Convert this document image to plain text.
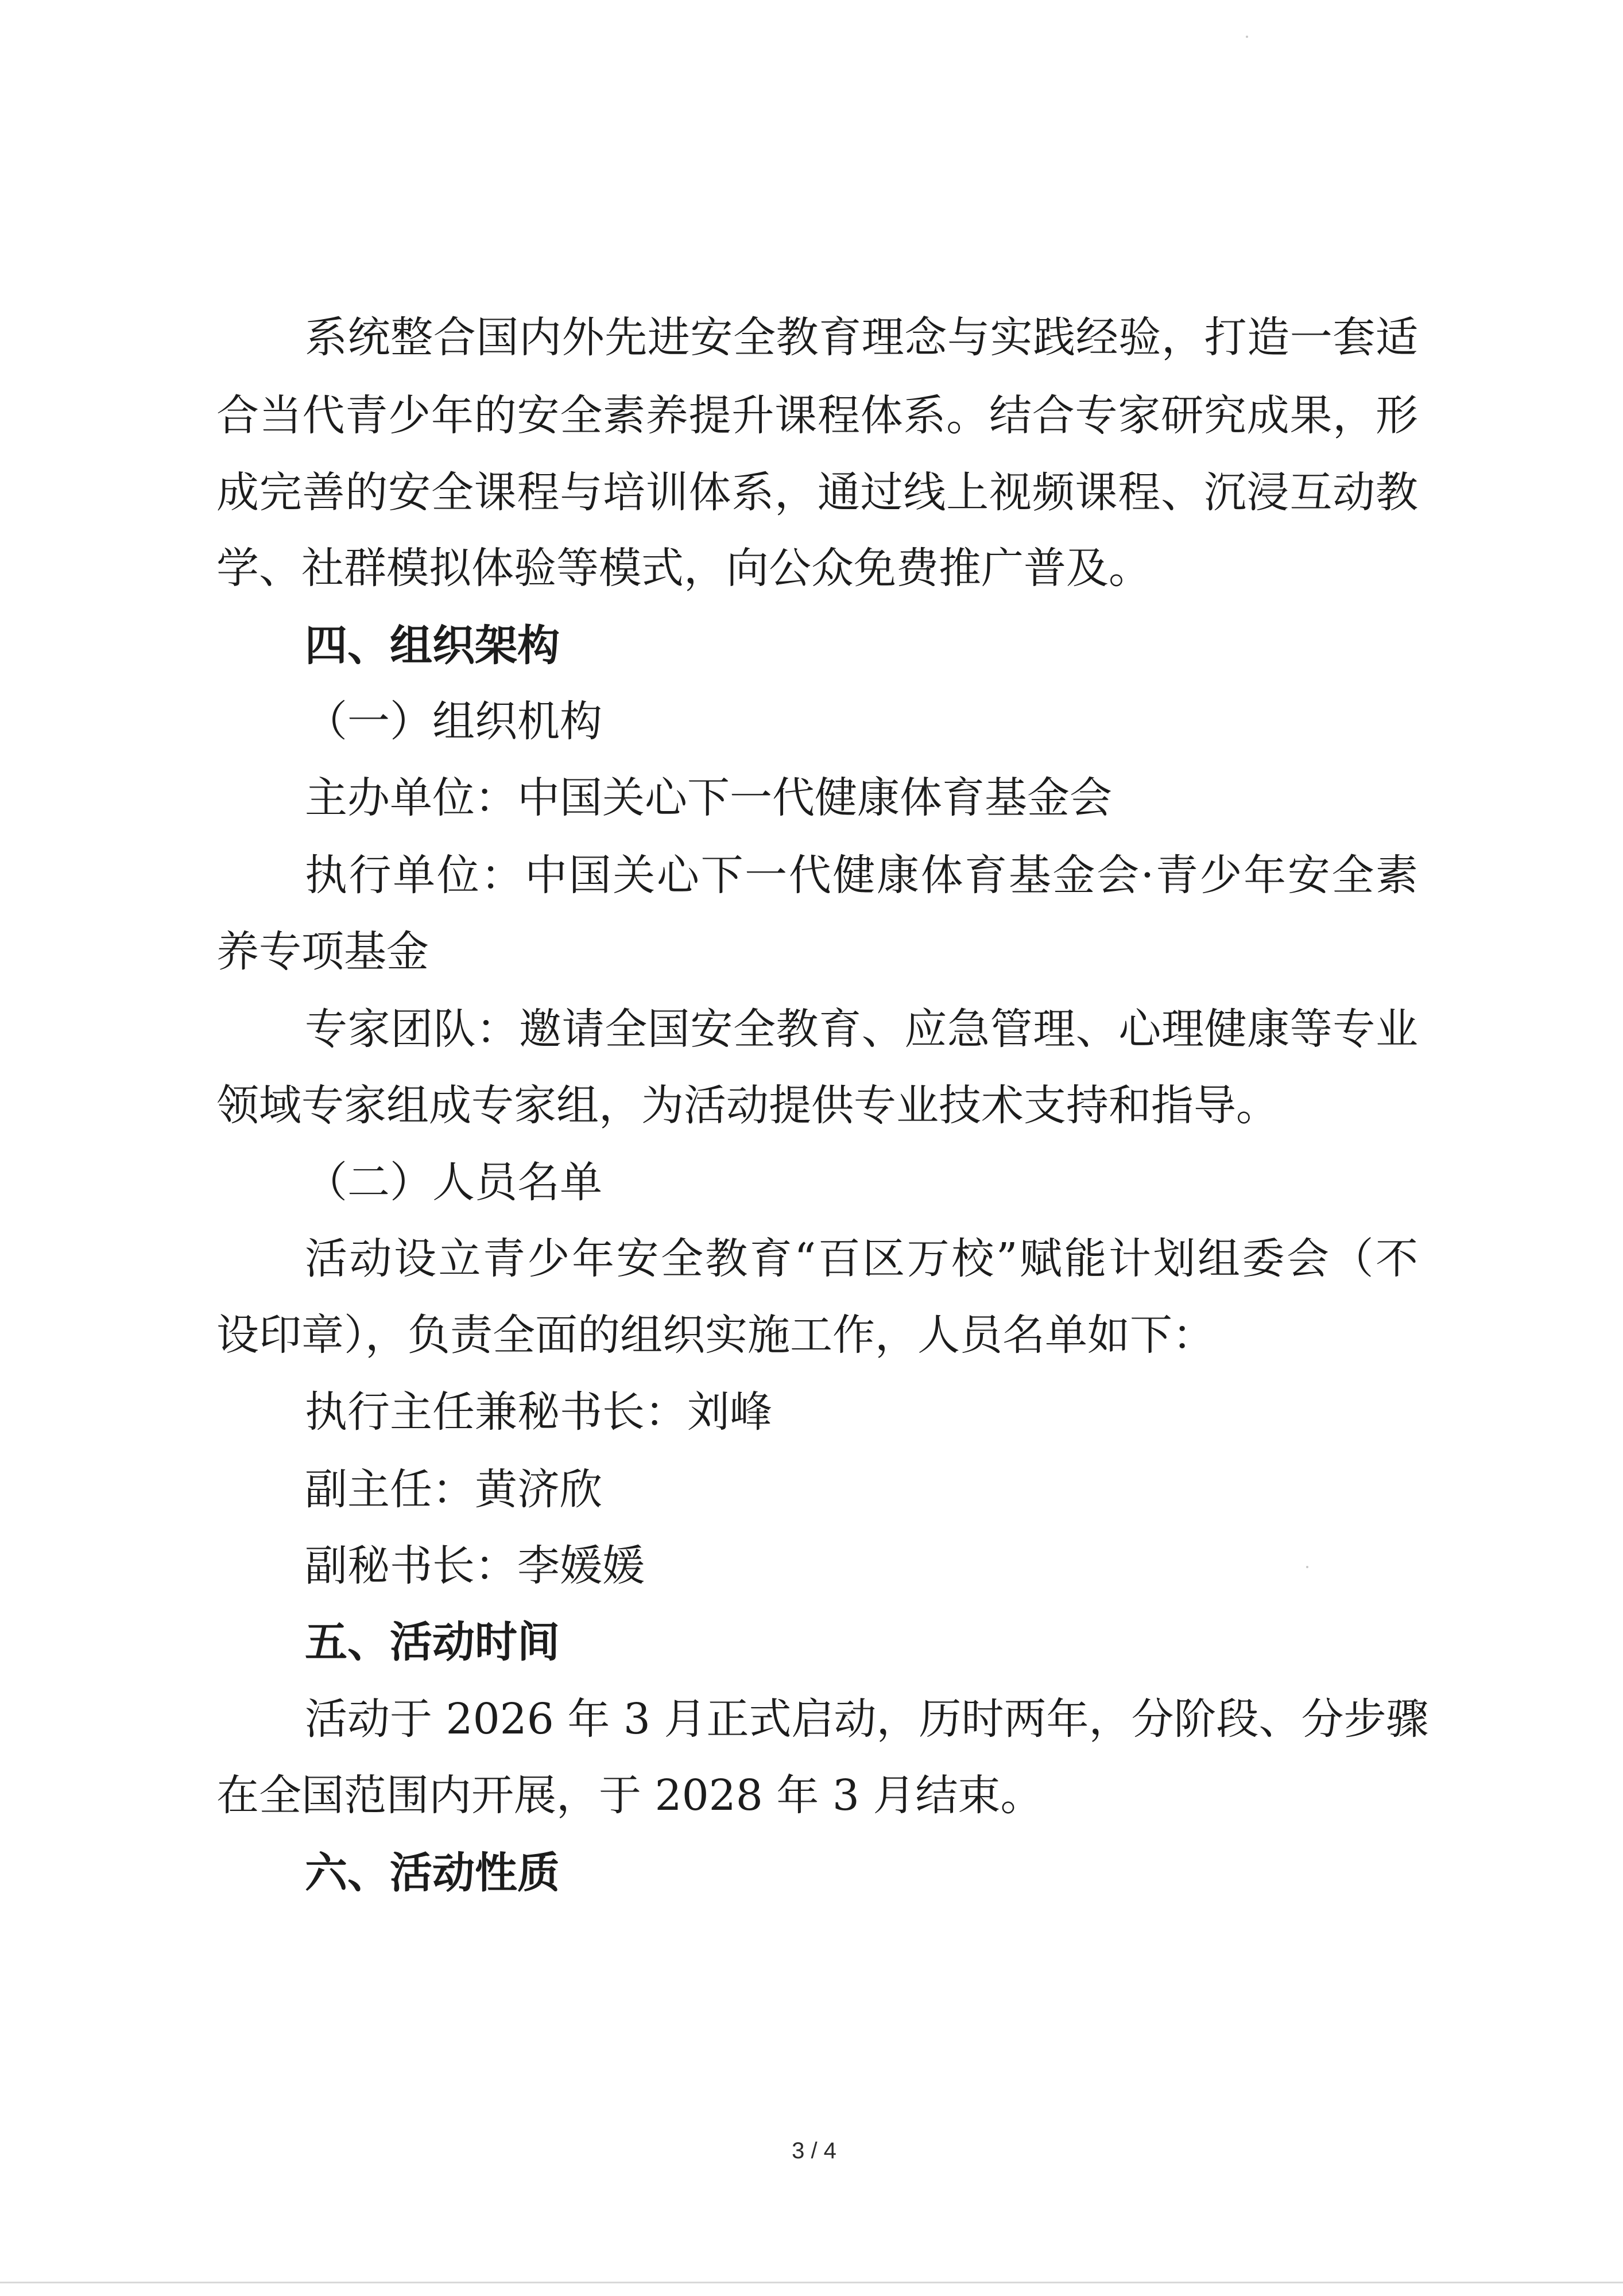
系统整合国内外先进安全教育理念与实践经验，打造一套适
合当代青少年的安全素养提升课程体系。结合专家研究成果，形
成完善的安全课程与培训体系，通过线上视频课程、沉浸互动教
学、社群模拟体验等模式，向公众免费推广普及。
四、组织架构
（一）组织机构
主办单位：中国关心下一代健康体育基金会
执行单位：中国关心下一代健康体育基金会·青少年安全素
养专项基金
专家团队：邀请全国安全教育、应急管理、心理健康等专业
领域专家组成专家组，为活动提供专业技术支持和指导。
（二）人员名单
活动设立青少年安全教育“百区万校”赋能计划组委会（不
设印章），负责全面的组织实施工作，人员名单如下：
执行主任兼秘书长：刘峰
副主任：黄济欣
副秘书长：李媛媛
五、活动时间
活动于 2026 年 3 月正式启动，历时两年，分阶段、分步骤
在全国范围内开展，于 2028 年 3 月结束。
六、活动性质
3 / 4
